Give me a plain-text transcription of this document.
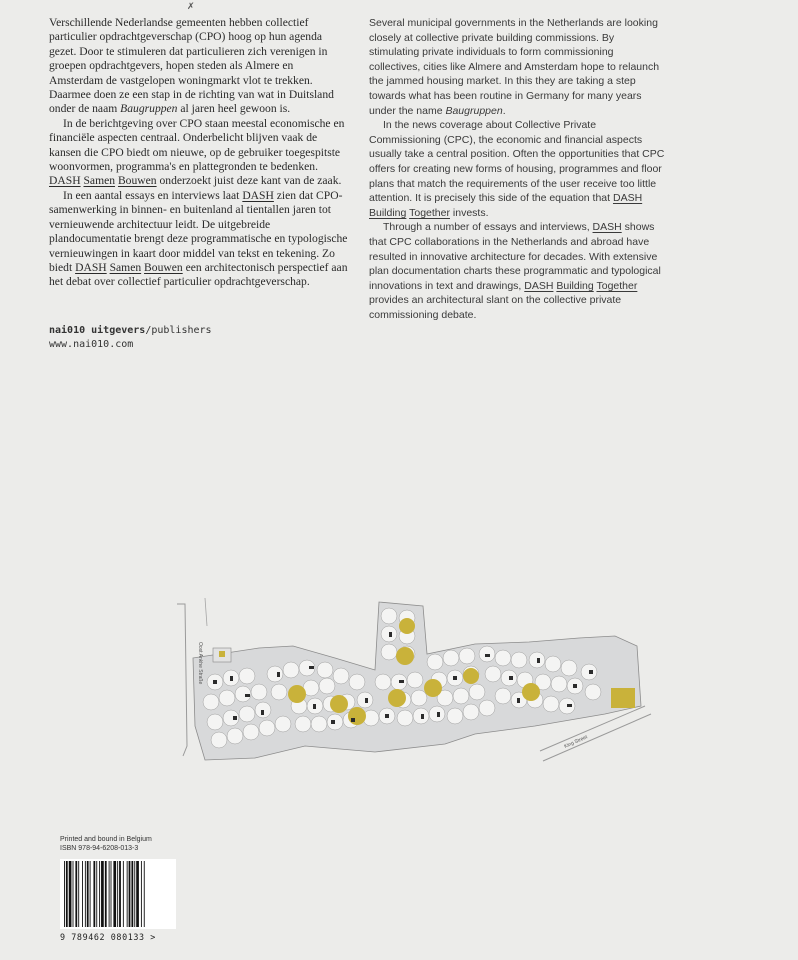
✗

Verschillende Nederlandse gemeenten hebben collectief particulier opdrachtgeverschap (CPO) hoog op hun agenda gezet. Door te stimuleren dat particulieren zich verenigen in groepen opdrachtgevers, hopen steden als Almere en Amsterdam de vastgelopen woningmarkt vlot te trekken. Daarmee doen ze een stap in de richting van wat in Duitsland onder de naam Baugruppen al jaren heel gewoon is.

In de berichtgeving over CPO staan meestal economische en financiële aspecten centraal. Onderbelicht blijven vaak de kansen die CPO biedt om nieuwe, op de gebruiker toegespitste woonvormen, programma's en plattegronden te bedenken. DASH Samen Bouwen onderzoekt juist deze kant van de zaak.

In een aantal essays en interviews laat DASH zien dat CPO-samenwerking in binnen- en buitenland al tientallen jaren tot vernieuwende architectuur leidt. De uitgebreide plandocumentatie brengt deze programmatische en typologische vernieuwingen in kaart door middel van tekst en tekening. Zo biedt DASH Samen Bouwen een architectonisch perspectief aan het debat over collectief particulier opdrachtgeverschap.

Several municipal governments in the Netherlands are looking closely at collective private building commissions. By stimulating private individuals to form commissioning collectives, cities like Almere and Amsterdam hope to relaunch the jammed housing market. In this they are taking a step towards what has been routine in Germany for many years under the name Baugruppen.

In the news coverage about Collective Private Commissioning (CPC), the economic and financial aspects usually take a central position. Often the opportunities that CPC offers for creating new forms of housing, programmes and floor plans that match the requirements of the user receive too little attention. It is precisely this side of the equation that DASH Building Together invests.

Through a number of essays and interviews, DASH shows that CPC collaborations in the Netherlands and abroad have resulted in innovative architecture for decades. With extensive plan documentation charts these programmatic and typological innovations in text and drawings, DASH Building Together provides an architectural slant on the collective private commissioning debate.

nai010 uitgevers/publishers
www.nai010.com
Oost Ankhe Straße
King Street
Printed and bound in Belgium
ISBN 978-94-6208-013-3
9 789462 080133 >
